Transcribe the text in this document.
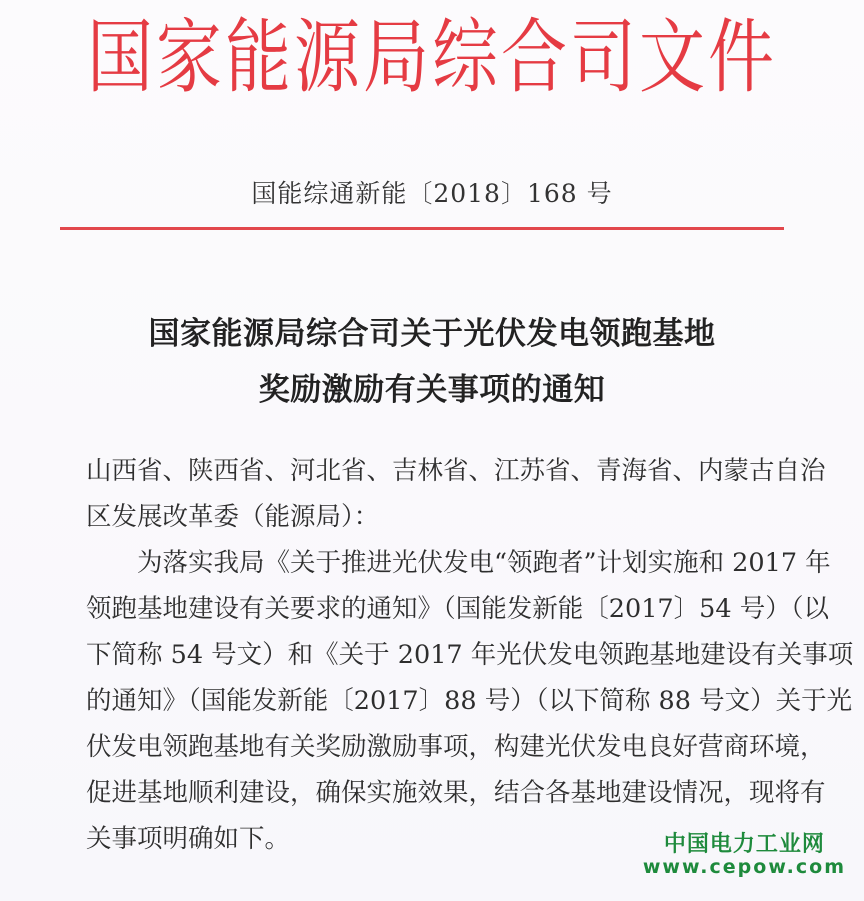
国家能源局综合司文件
国能综通新能〔2018〕168 号
国家能源局综合司关于光伏发电领跑基地
奖励激励有关事项的通知
山西省、陕西省、河北省、吉林省、江苏省、青海省、内蒙古自治
区发展改革委（能源局）：
　　为落实我局《关于推进光伏发电“领跑者”计划实施和 2017 年
领跑基地建设有关要求的通知》（国能发新能〔2017〕54 号）（以
下简称 54 号文）和《关于 2017 年光伏发电领跑基地建设有关事项
的通知》（国能发新能〔2017〕88 号）（以下简称 88 号文）关于光
伏发电领跑基地有关奖励激励事项，构建光伏发电良好营商环境，
促进基地顺利建设，确保实施效果，结合各基地建设情况，现将有
关事项明确如下。	中国电力工业网
www.cepow.com
